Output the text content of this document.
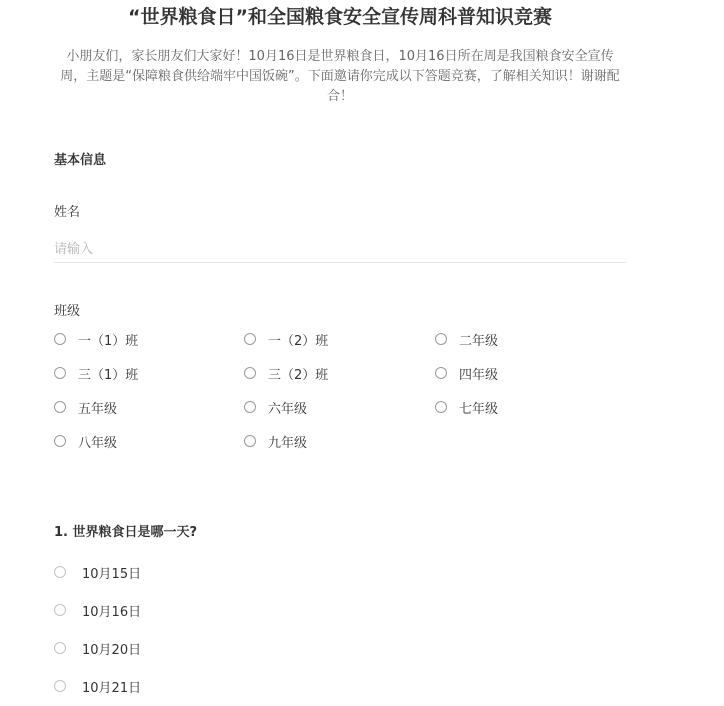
“世界粮食日”和全国粮食安全宣传周科普知识竞赛

小朋友们，家长朋友们大家好！10月16日是世界粮食日，10月16日所在周是我国粮食安全宣传周，主题是“保障粮食供给端牢中国饭碗”。下面邀请你完成以下答题竞赛，了解相关知识！谢谢配合！

基本信息
姓名
请输入
班级
一（1）班	一（2）班	二年级
三（1）班	三（2）班	四年级
五年级	六年级	七年级
八年级	九年级
1. 世界粮食日是哪一天?
10月15日
10月16日
10月20日
10月21日
